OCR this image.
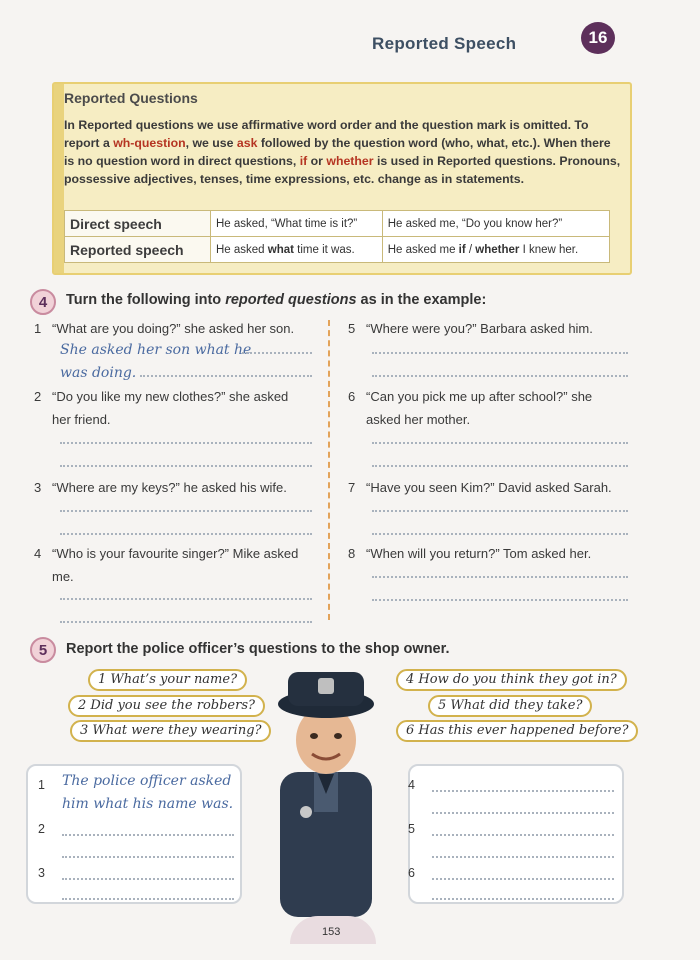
Reported Speech	16
Reported Questions
In Reported questions we use affirmative word order and the question mark is omitted. To report a wh-question, we use ask followed by the question word (who, what, etc.). When there is no question word in direct questions, if or whether is used in Reported questions. Pronouns, possessive adjectives, tenses, time expressions, etc. change as in statements.
Direct speech	He asked, “What time is it?”	He asked me, “Do you know her?”
Reported speech	He asked what time it was.	He asked me if / whether I knew her.
4	Turn the following into reported questions as in the example:
1 “What are you doing?” she asked her son.
She asked her son what he
was doing.
2 “Do you like my new clothes?” she asked
her friend.
3 “Where are my keys?” he asked his wife.
4 “Who is your favourite singer?” Mike asked
me.
5 “Where were you?” Barbara asked him.
6 “Can you pick me up after school?” she
asked her mother.
7 “Have you seen Kim?” David asked Sarah.
8 “When will you return?” Tom asked her.
5	Report the police officer’s questions to the shop owner.
1 What’s your name?
2 Did you see the robbers?
3 What were they wearing?
4 How do you think they got in?
5 What did they take?
6 Has this ever happened before?
1 The police officer asked
him what his name was.
2
3
4
5
6
153
